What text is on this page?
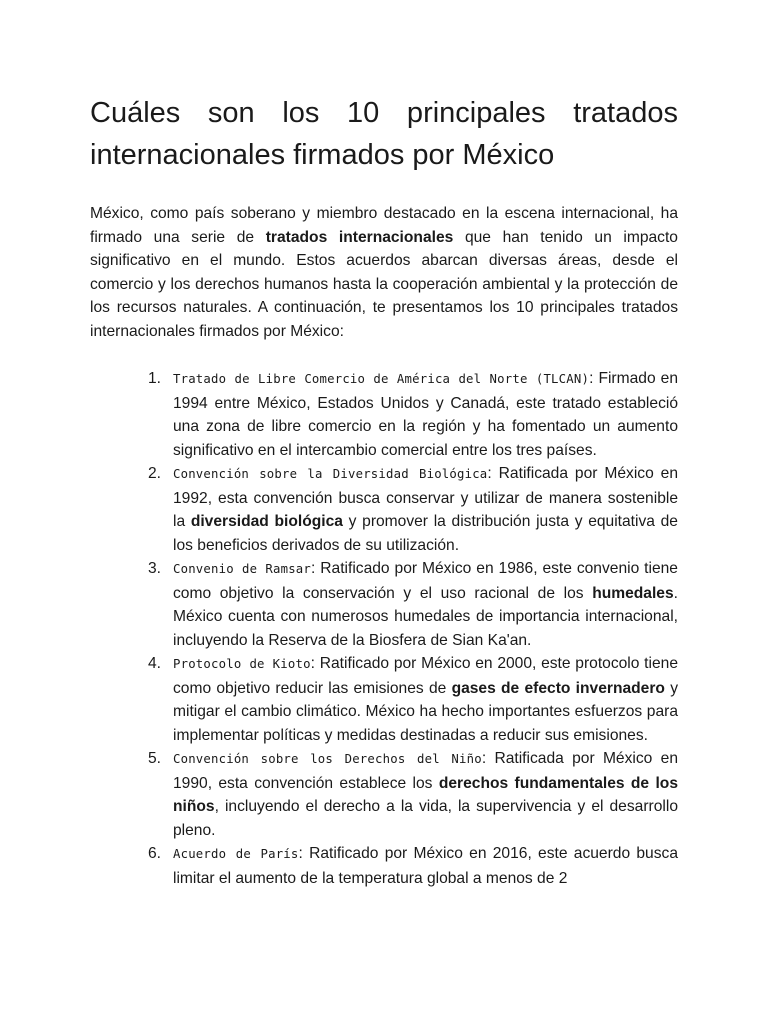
Cuáles son los 10 principales tratados
internacionales firmados por México

México, como país soberano y miembro destacado en la escena internacional, ha firmado una serie de tratados internacionales que han tenido un impacto significativo en el mundo. Estos acuerdos abarcan diversas áreas, desde el comercio y los derechos humanos hasta la cooperación ambiental y la protección de los recursos naturales. A continuación, te presentamos los 10 principales tratados internacionales firmados por México:

1. Tratado de Libre Comercio de América del Norte (TLCAN): Firmado en 1994 entre México, Estados Unidos y Canadá, este tratado estableció una zona de libre comercio en la región y ha fomentado un aumento significativo en el intercambio comercial entre los tres países.
2. Convención sobre la Diversidad Biológica: Ratificada por México en 1992, esta convención busca conservar y utilizar de manera sostenible la diversidad biológica y promover la distribución justa y equitativa de los beneficios derivados de su utilización.
3. Convenio de Ramsar: Ratificado por México en 1986, este convenio tiene como objetivo la conservación y el uso racional de los humedales. México cuenta con numerosos humedales de importancia internacional, incluyendo la Reserva de la Biosfera de Sian Ka'an.
4. Protocolo de Kioto: Ratificado por México en 2000, este protocolo tiene como objetivo reducir las emisiones de gases de efecto invernadero y mitigar el cambio climático. México ha hecho importantes esfuerzos para implementar políticas y medidas destinadas a reducir sus emisiones.
5. Convención sobre los Derechos del Niño: Ratificada por México en 1990, esta convención establece los derechos fundamentales de los niños, incluyendo el derecho a la vida, la supervivencia y el desarrollo pleno.
6. Acuerdo de París: Ratificado por México en 2016, este acuerdo busca limitar el aumento de la temperatura global a menos de 2
